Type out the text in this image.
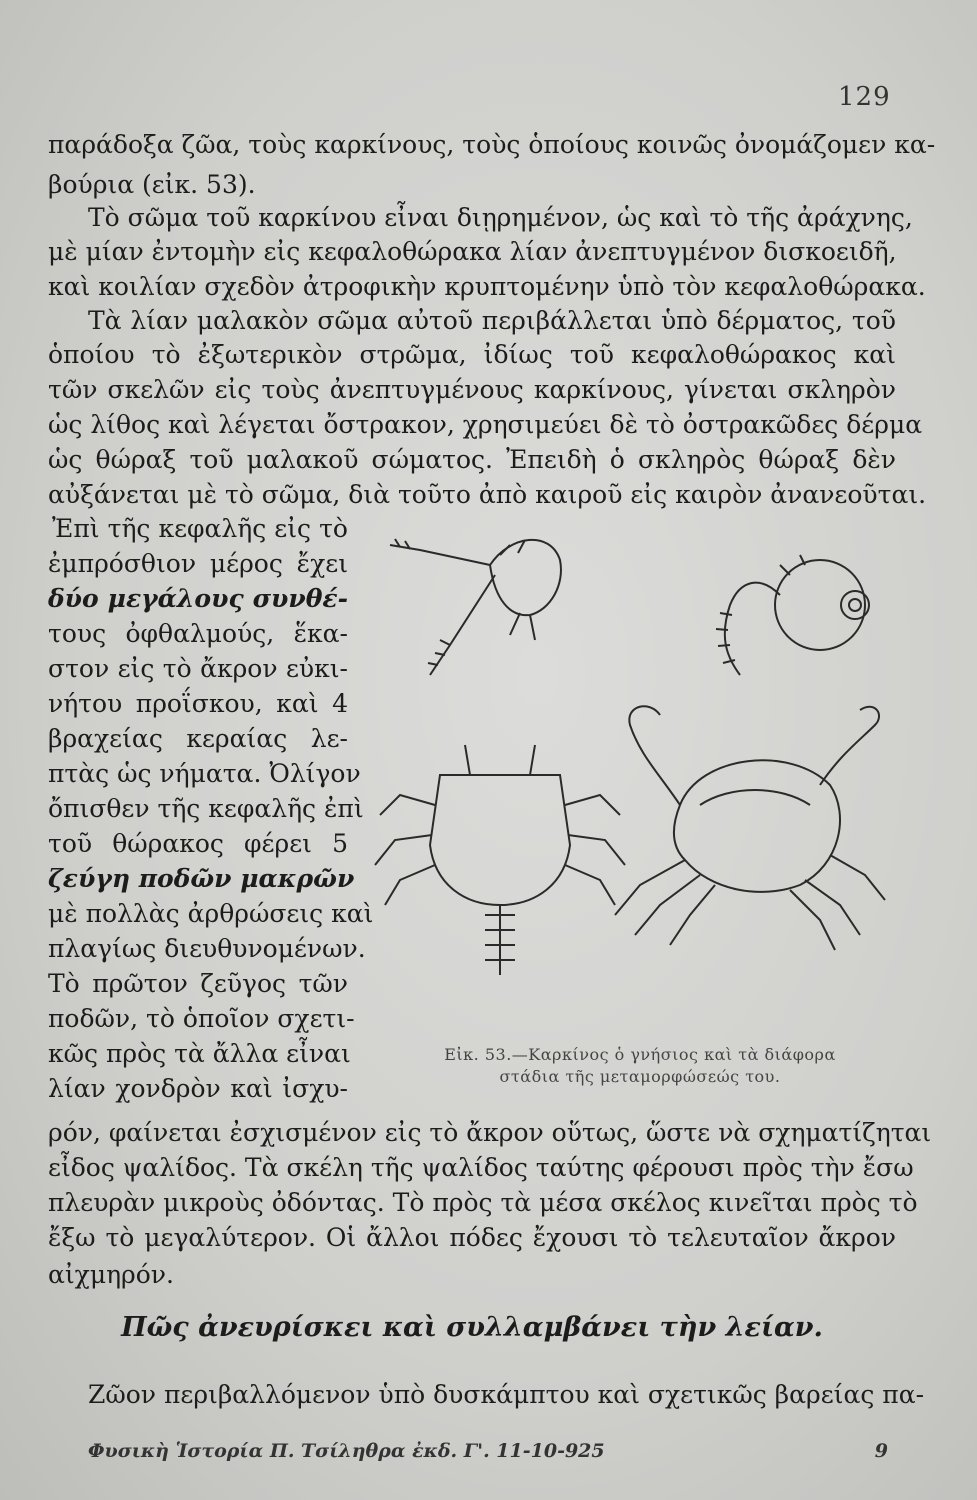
129
παράδοξα ζῶα, τοὺς καρκίνους, τοὺς ὁποίους κοινῶς ὀνομάζομεν κα-
βούρια (εἰκ. 53).
Τὸ σῶμα τοῦ καρκίνου εἶναι διῃρημένον, ὡς καὶ τὸ τῆς ἀράχνης,
μὲ μίαν ἐντομὴν εἰς κεφαλοθώρακα λίαν ἀνεπτυγμένον δισκοειδῆ,
καὶ κοιλίαν σχεδὸν ἀτροφικὴν κρυπτομένην ὑπὸ τὸν κεφαλοθώρακα.
Τὰ λίαν μαλακὸν σῶμα αὐτοῦ περιβάλλεται ὑπὸ δέρματος, τοῦ
ὁποίου τὸ ἐξωτερικὸν στρῶμα, ἰδίως τοῦ κεφαλοθώρακος καὶ
τῶν σκελῶν εἰς τοὺς ἀνεπτυγμένους καρκίνους, γίνεται σκληρὸν
ὡς λίθος καὶ λέγεται ὄστρακον, χρησιμεύει δὲ τὸ ὀστρακῶδες δέρμα
ὡς θώραξ τοῦ μαλακοῦ σώματος. Ἐπειδὴ ὁ σκληρὸς θώραξ δὲν
αὐξάνεται μὲ τὸ σῶμα, διὰ τοῦτο ἀπὸ καιροῦ εἰς καιρὸν ἀνανεοῦται.
Ἐπὶ τῆς κεφαλῆς εἰς τὸ
ἐμπρόσθιον μέρος ἔχει
δύο μεγάλους συνθέ-
τους ὀφθαλμούς, ἕκα-
στον εἰς τὸ ἄκρον εὐκι-
νήτου προΐσκου, καὶ 4
βραχείας κεραίας λε-
πτὰς ὡς νήματα. Ὀλίγον
ὄπισθεν τῆς κεφαλῆς ἐπὶ
τοῦ θώρακος φέρει 5
ζεύγη ποδῶν μακρῶν
μὲ πολλὰς ἀρθρώσεις καὶ
πλαγίως διευθυνομένων.
Τὸ πρῶτον ζεῦγος τῶν
ποδῶν, τὸ ὁποῖον σχετι-
κῶς πρὸς τὰ ἄλλα εἶναι
λίαν χονδρὸν καὶ ἰσχυ-
Εἰκ. 53.—Καρκίνος ὁ γνήσιος καὶ τὰ διάφορα
στάδια τῆς μεταμορφώσεώς του.
ρόν, φαίνεται ἐσχισμένον εἰς τὸ ἄκρον οὕτως, ὥστε νὰ σχηματίζηται
εἶδος ψαλίδος. Τὰ σκέλη τῆς ψαλίδος ταύτης φέρουσι πρὸς τὴν ἔσω
πλευρὰν μικροὺς ὀδόντας. Τὸ πρὸς τὰ μέσα σκέλος κινεῖται πρὸς τὸ
ἔξω τὸ μεγαλύτερον. Οἱ ἄλλοι πόδες ἔχουσι τὸ τελευταῖον ἄκρον
αἰχμηρόν.
Πῶς ἀνευρίσκει καὶ συλλαμβάνει τὴν λείαν.
Ζῶον περιβαλλόμενον ὑπὸ δυσκάμπτου καὶ σχετικῶς βαρείας πα-
Φυσικὴ Ἱστορία Π. Τσίληθρα ἐκδ. Γ'. 11-10-925	9
